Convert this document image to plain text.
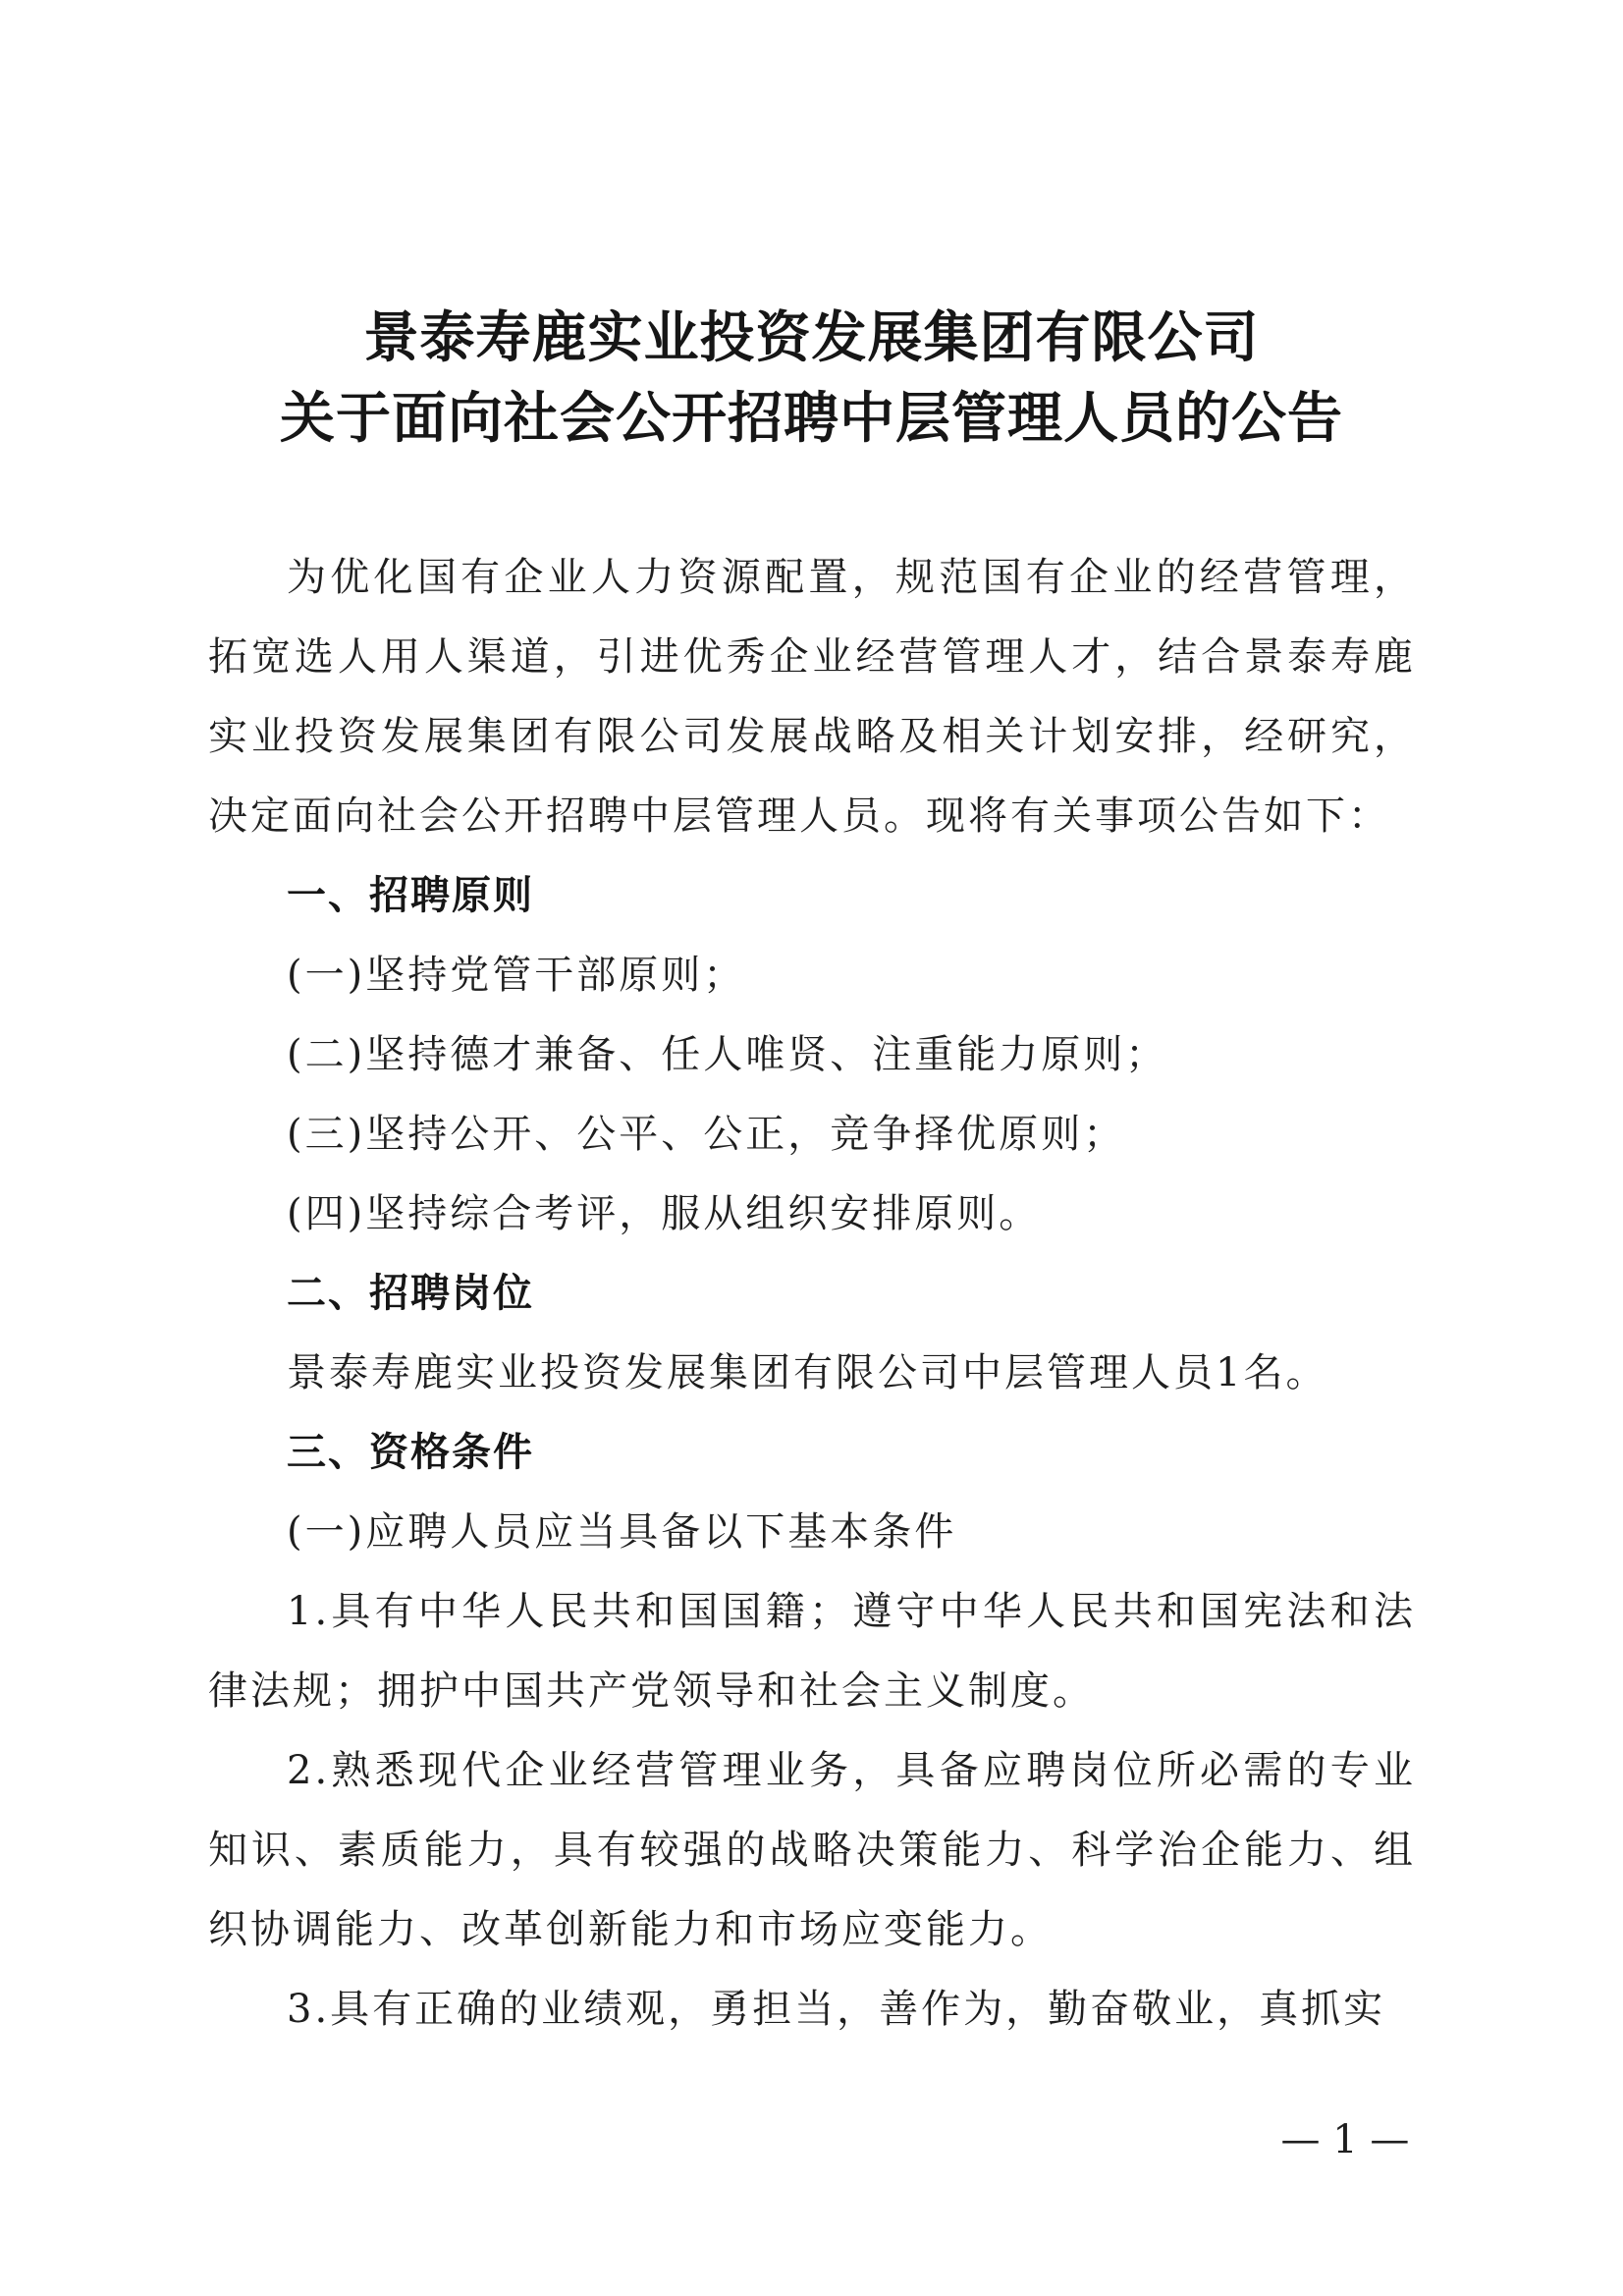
景泰寿鹿实业投资发展集团有限公司
关于面向社会公开招聘中层管理人员的公告

为优化国有企业人力资源配置，规范国有企业的经营管理，拓宽选人用人渠道，引进优秀企业经营管理人才，结合景泰寿鹿实业投资发展集团有限公司发展战略及相关计划安排，经研究，决定面向社会公开招聘中层管理人员。现将有关事项公告如下：

一、招聘原则

(一)坚持党管干部原则；

(二)坚持德才兼备、任人唯贤、注重能力原则；

(三)坚持公开、公平、公正，竞争择优原则；

(四)坚持综合考评，服从组织安排原则。

二、招聘岗位

景泰寿鹿实业投资发展集团有限公司中层管理人员1名。

三、资格条件

(一)应聘人员应当具备以下基本条件

1.具有中华人民共和国国籍；遵守中华人民共和国宪法和法律法规；拥护中国共产党领导和社会主义制度。

2.熟悉现代企业经营管理业务，具备应聘岗位所必需的专业知识、素质能力，具有较强的战略决策能力、科学治企能力、组织协调能力、改革创新能力和市场应变能力。

3.具有正确的业绩观，勇担当，善作为，勤奋敬业，真抓实

— 1 —
